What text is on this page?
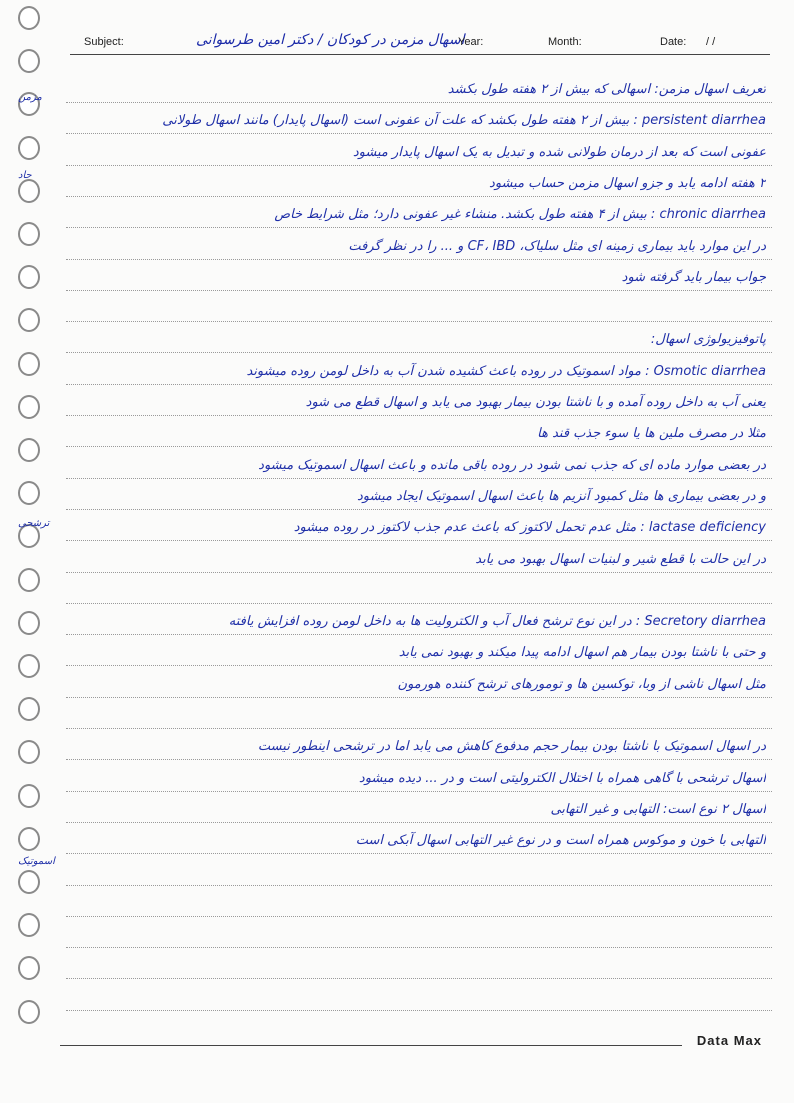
Subject:	اسهال مزمن در کودکان / دکتر امین طرسوانی
Year:	Month:	Date: / /
تعریف اسهال مزمن: اسهالی که بیش از ۲ هفته طول بکشد
persistent diarrhea : بیش از ۲ هفته طول بکشد که علت آن عفونی است (اسهال پایدار) مانند اسهال طولانی
عفونی است که بعد از درمان طولانی شده و تبدیل به یک اسهال پایدار میشود
۲ هفته ادامه یابد و جزو اسهال مزمن حساب میشود
chronic diarrhea : بیش از ۴ هفته طول بکشد. منشاء غیر عفونی دارد؛ مثل شرایط خاص
در این موارد باید بیماری زمینه ای مثل سلیاک، CF، IBD و ... را در نظر گرفت
جواب بیمار باید گرفته شود
پاتوفیزیولوژی اسهال:
Osmotic diarrhea : مواد اسموتیک در روده باعث کشیده شدن آب به داخل لومن روده میشوند
یعنی آب به داخل روده آمده و با ناشتا بودن بیمار بهبود می یابد و اسهال قطع می شود
مثلا در مصرف ملین ها یا سوء جذب قند ها
در بعضی موارد ماده ای که جذب نمی شود در روده باقی مانده و باعث اسهال اسموتیک میشود
و در بعضی بیماری ها مثل کمبود آنزیم ها باعث اسهال اسموتیک ایجاد میشود
lactase deficiency : مثل عدم تحمل لاکتوز که باعث عدم جذب لاکتوز در روده میشود
در این حالت با قطع شیر و لبنیات اسهال بهبود می یابد
Secretory diarrhea : در این نوع ترشح فعال آب و الکترولیت ها به داخل لومن روده افزایش یافته
و حتی با ناشتا بودن بیمار هم اسهال ادامه پیدا میکند و بهبود نمی یابد
مثل اسهال ناشی از وبا، توکسین ها و تومورهای ترشح کننده هورمون
در اسهال اسموتیک با ناشتا بودن بیمار حجم مدفوع کاهش می یابد اما در ترشحی اینطور نیست
اسهال ترشحی با گاهی همراه با اختلال الکترولیتی است و در ... دیده میشود
اسهال ۲ نوع است: التهابی و غیر التهابی
التهابی با خون و موکوس همراه است و در نوع غیر التهابی اسهال آبکی است
مزمن
حاد
ترشحی
اسموتیک
Data Max
